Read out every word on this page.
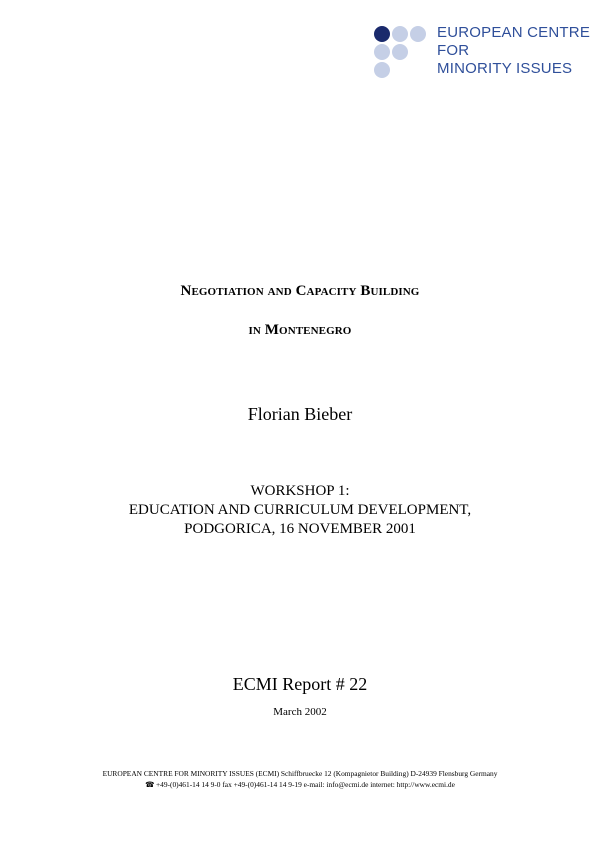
EUROPEAN CENTRE
FOR
MINORITY ISSUES
Negotiation and Capacity Building
in Montenegro
Florian Bieber
WORKSHOP 1:
EDUCATION AND CURRICULUM DEVELOPMENT,
PODGORICA, 16 NOVEMBER 2001
ECMI Report # 22
March 2002
EUROPEAN CENTRE FOR MINORITY ISSUES (ECMI) Schiffbruecke 12 (Kompagnietor Building) D-24939 Flensburg Germany
☎ +49-(0)461-14 14 9-0 fax +49-(0)461-14 14 9-19 e-mail: info@ecmi.de internet: http://www.ecmi.de
